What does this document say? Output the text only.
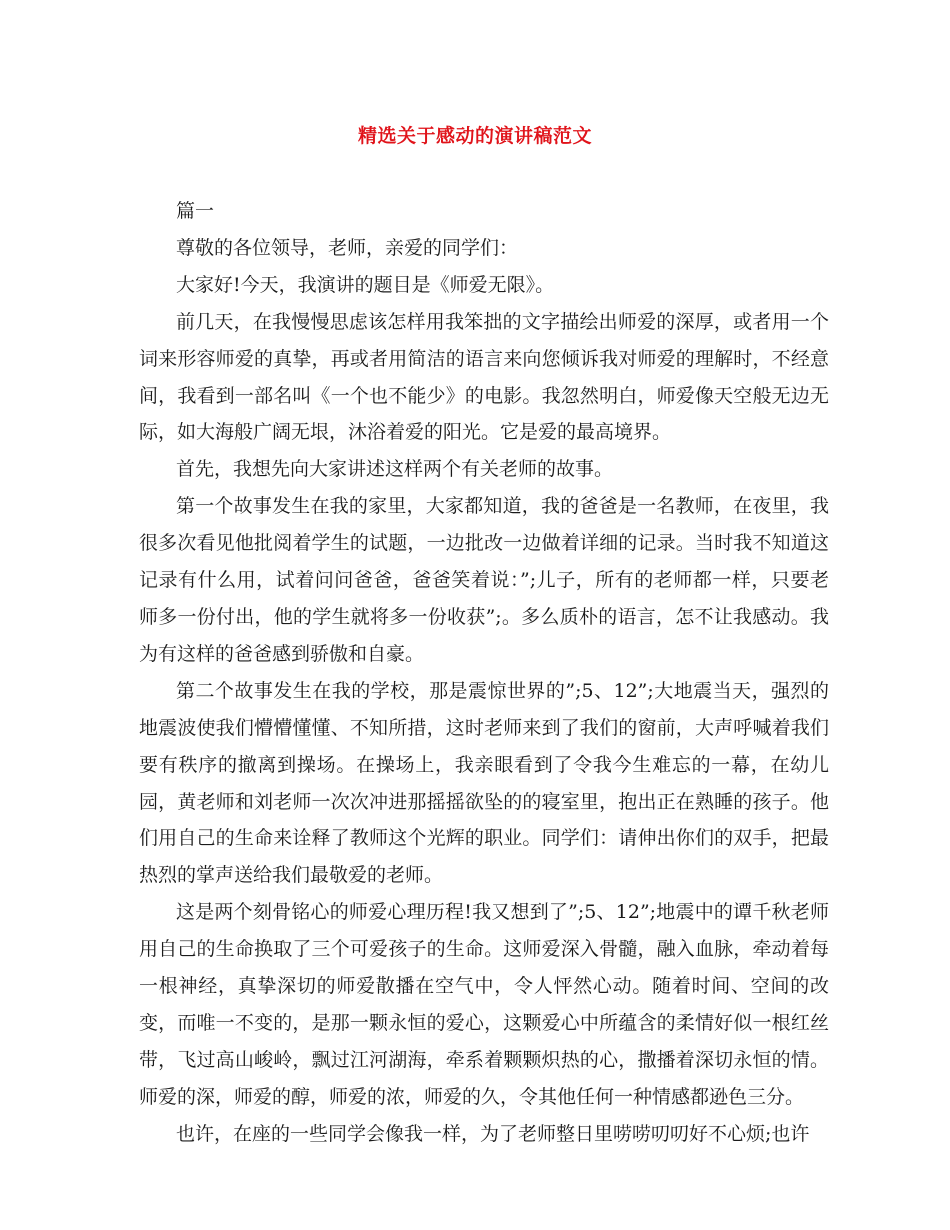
精选关于感动的演讲稿范文

篇一

尊敬的各位领导，老师，亲爱的同学们：

大家好!今天，我演讲的题目是《师爱无限》。

前几天，在我慢慢思虑该怎样用我笨拙的文字描绘出师爱的深厚，或者用一个词来形容师爱的真挚，再或者用简洁的语言来向您倾诉我对师爱的理解时，不经意间，我看到一部名叫《一个也不能少》的电影。我忽然明白，师爱像天空般无边无际，如大海般广阔无垠，沐浴着爱的阳光。它是爱的最高境界。

首先，我想先向大家讲述这样两个有关老师的故事。

第一个故事发生在我的家里，大家都知道，我的爸爸是一名教师，在夜里，我很多次看见他批阅着学生的试题，一边批改一边做着详细的记录。当时我不知道这记录有什么用，试着问问爸爸，爸爸笑着说：”;儿子，所有的老师都一样，只要老师多一份付出，他的学生就将多一份收获”;。多么质朴的语言，怎不让我感动。我为有这样的爸爸感到骄傲和自豪。

第二个故事发生在我的学校，那是震惊世界的”;5、12”;大地震当天，强烈的地震波使我们懵懵懂懂、不知所措，这时老师来到了我们的窗前，大声呼喊着我们要有秩序的撤离到操场。在操场上，我亲眼看到了令我今生难忘的一幕，在幼儿园，黄老师和刘老师一次次冲进那摇摇欲坠的的寝室里，抱出正在熟睡的孩子。他们用自己的生命来诠释了教师这个光辉的职业。同学们：请伸出你们的双手，把最热烈的掌声送给我们最敬爱的老师。

这是两个刻骨铭心的师爱心理历程!我又想到了”;5、12”;地震中的谭千秋老师用自己的生命换取了三个可爱孩子的生命。这师爱深入骨髓，融入血脉，牵动着每一根神经，真挚深切的师爱散播在空气中，令人怦然心动。随着时间、空间的改变，而唯一不变的，是那一颗永恒的爱心，这颗爱心中所蕴含的柔情好似一根红丝带，飞过高山峻岭，飘过江河湖海，牵系着颗颗炽热的心，撒播着深切永恒的情。师爱的深，师爱的醇，师爱的浓，师爱的久，令其他任何一种情感都逊色三分。

也许，在座的一些同学会像我一样，为了老师整日里唠唠叨叨好不心烦;也许
